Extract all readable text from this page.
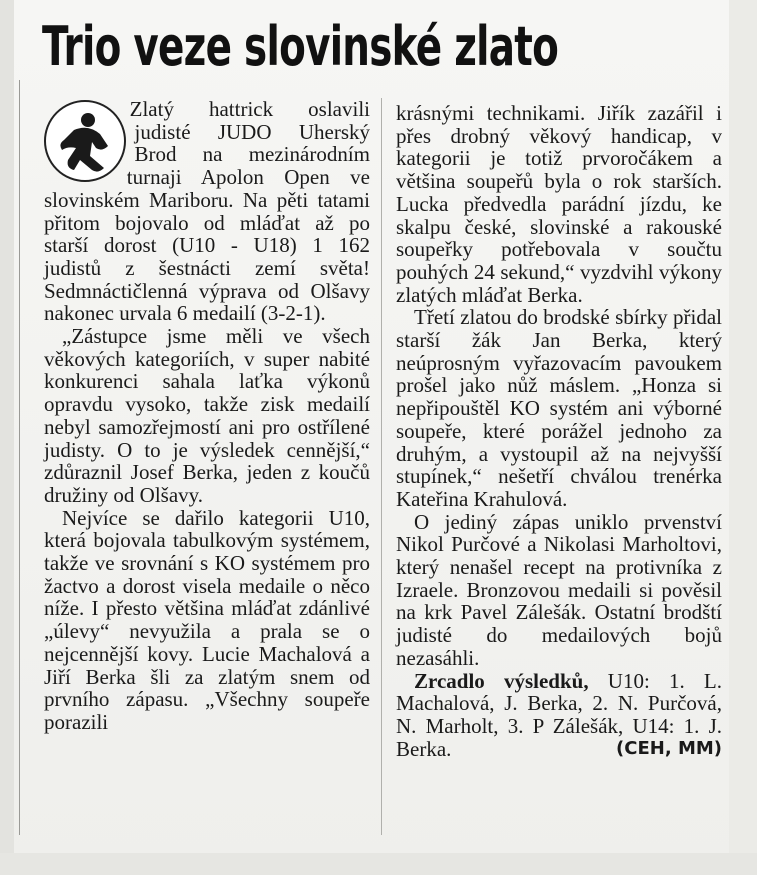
Trio veze slovinské zlato

Zlatý hattrick oslavili judisté JUDO Uherský Brod na mezinárodním turnaji Apolon Open ve slovinském Mariboru. Na pěti tatami přitom bojovalo od mláďat až po starší dorost (U10 - U18) 1 162 judistů z šestnácti zemí světa! Sedmnáctičlenná výprava od Olšavy nakonec urvala 6 medailí (3-2-1).

„Zástupce jsme měli ve všech věkových kategoriích, v super nabité konkurenci sahala laťka výkonů opravdu vysoko, takže zisk medailí nebyl samozřejmostí ani pro ostřílené judisty. O to je výsledek cennější,“ zdůraznil Josef Berka, jeden z koučů družiny od Olšavy.

Nejvíce se dařilo kategorii U10, která bojovala tabulkovým systémem, takže ve srovnání s KO systémem pro žactvo a dorost visela medaile o něco níže. I přesto většina mláďat zdánlivé „úlevy“ nevyužila a prala se o nejcennější kovy. Lucie Machalová a Jiří Berka šli za zlatým snem od prvního zápasu. „Všechny soupeře porazili

krásnými technikami. Jiřík zazářil i přes drobný věkový handicap, v kategorii je totiž prvoročákem a většina soupeřů byla o rok starších. Lucka předvedla parádní jízdu, ke skalpu české, slovinské a rakouské soupeřky potřebovala v součtu pouhých 24 sekund,“ vyzdvihl výkony zlatých mláďat Berka.

Třetí zlatou do brodské sbírky přidal starší žák Jan Berka, který neúprosným vyřazovacím pavoukem prošel jako nůž máslem. „Honza si nepřipouštěl KO systém ani výborné soupeře, které porážel jednoho za druhým, a vystoupil až na nejvyšší stupínek,“ nešetří chválou trenérka Kateřina Krahulová.

O jediný zápas uniklo prvenství Nikol Purčové a Nikolasi Marholtovi, který nenašel recept na protivníka z Izraele. Bronzovou medaili si pověsil na krk Pavel Zálešák. Ostatní brodští judisté do medailových bojů nezasáhli.

Zrcadlo výsledků, U10: 1. L. Machalová, J. Berka, 2. N. Purčová, N. Marholt, 3. P Zálešák, U14: 1. J. Berka.	(CEH, MM)
